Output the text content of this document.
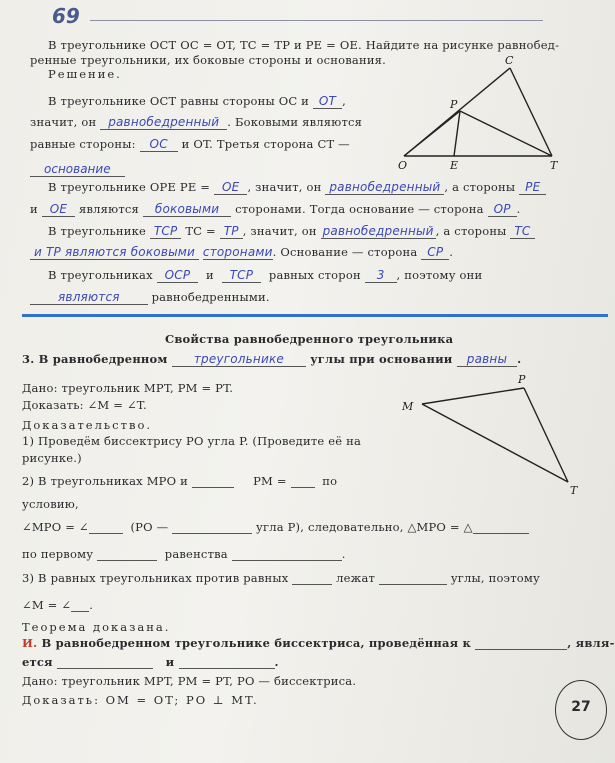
69
В треугольнике OCT OC = OT, TC = TP и PE = OE. Найдите на рисунке равнобед-
ренные треугольники, их боковые стороны и основания.
Решение.
В треугольнике OCT равны стороны OC и OT ,
значит, он равнобедренный . Боковыми являются
равные стороны: OC и OT. Третья сторона CT —
основание
В треугольнике OPE PE = OE , значит, он равнобедренный , а стороны PE
и OE являются боковыми сторонами. Тогда основание — сторона OP .
В треугольнике TCP TC = TP , значит, он равнобедренный , а стороны TC
и TP являются боковыми сторонами. Основание — сторона CP .
В треугольниках OCP и TCP равных сторон 3 , поэтому они
являются	равнобедренными.
C
P
O	E	T
Свойства равнобедренного треугольника
3. В равнобедренном треугольнике углы при основании равны .
Дано: треугольник MPT, PM = PT.
Доказать: ∠M = ∠T.
Доказательство.
1) Проведём биссектрису PO угла P. (Проведите её на
рисунке.)
2) В треугольниках MPO и	PM =	по
условию,
∠MPO = ∠	(PO —	угла P), следовательно, △MPO = △
по первому	равенства	.
3) В равных треугольниках против равных	лежат	углы, поэтому
∠M = ∠ .
Теорема доказана.
И. В равнобедренном треугольнике биссектриса, проведённая к	, явля-
ется	и	.
Дано: треугольник MPT, PM = PT, PO — биссектриса.
Доказать: OM = OT; PO ⊥ MT.
P
M
T
27
